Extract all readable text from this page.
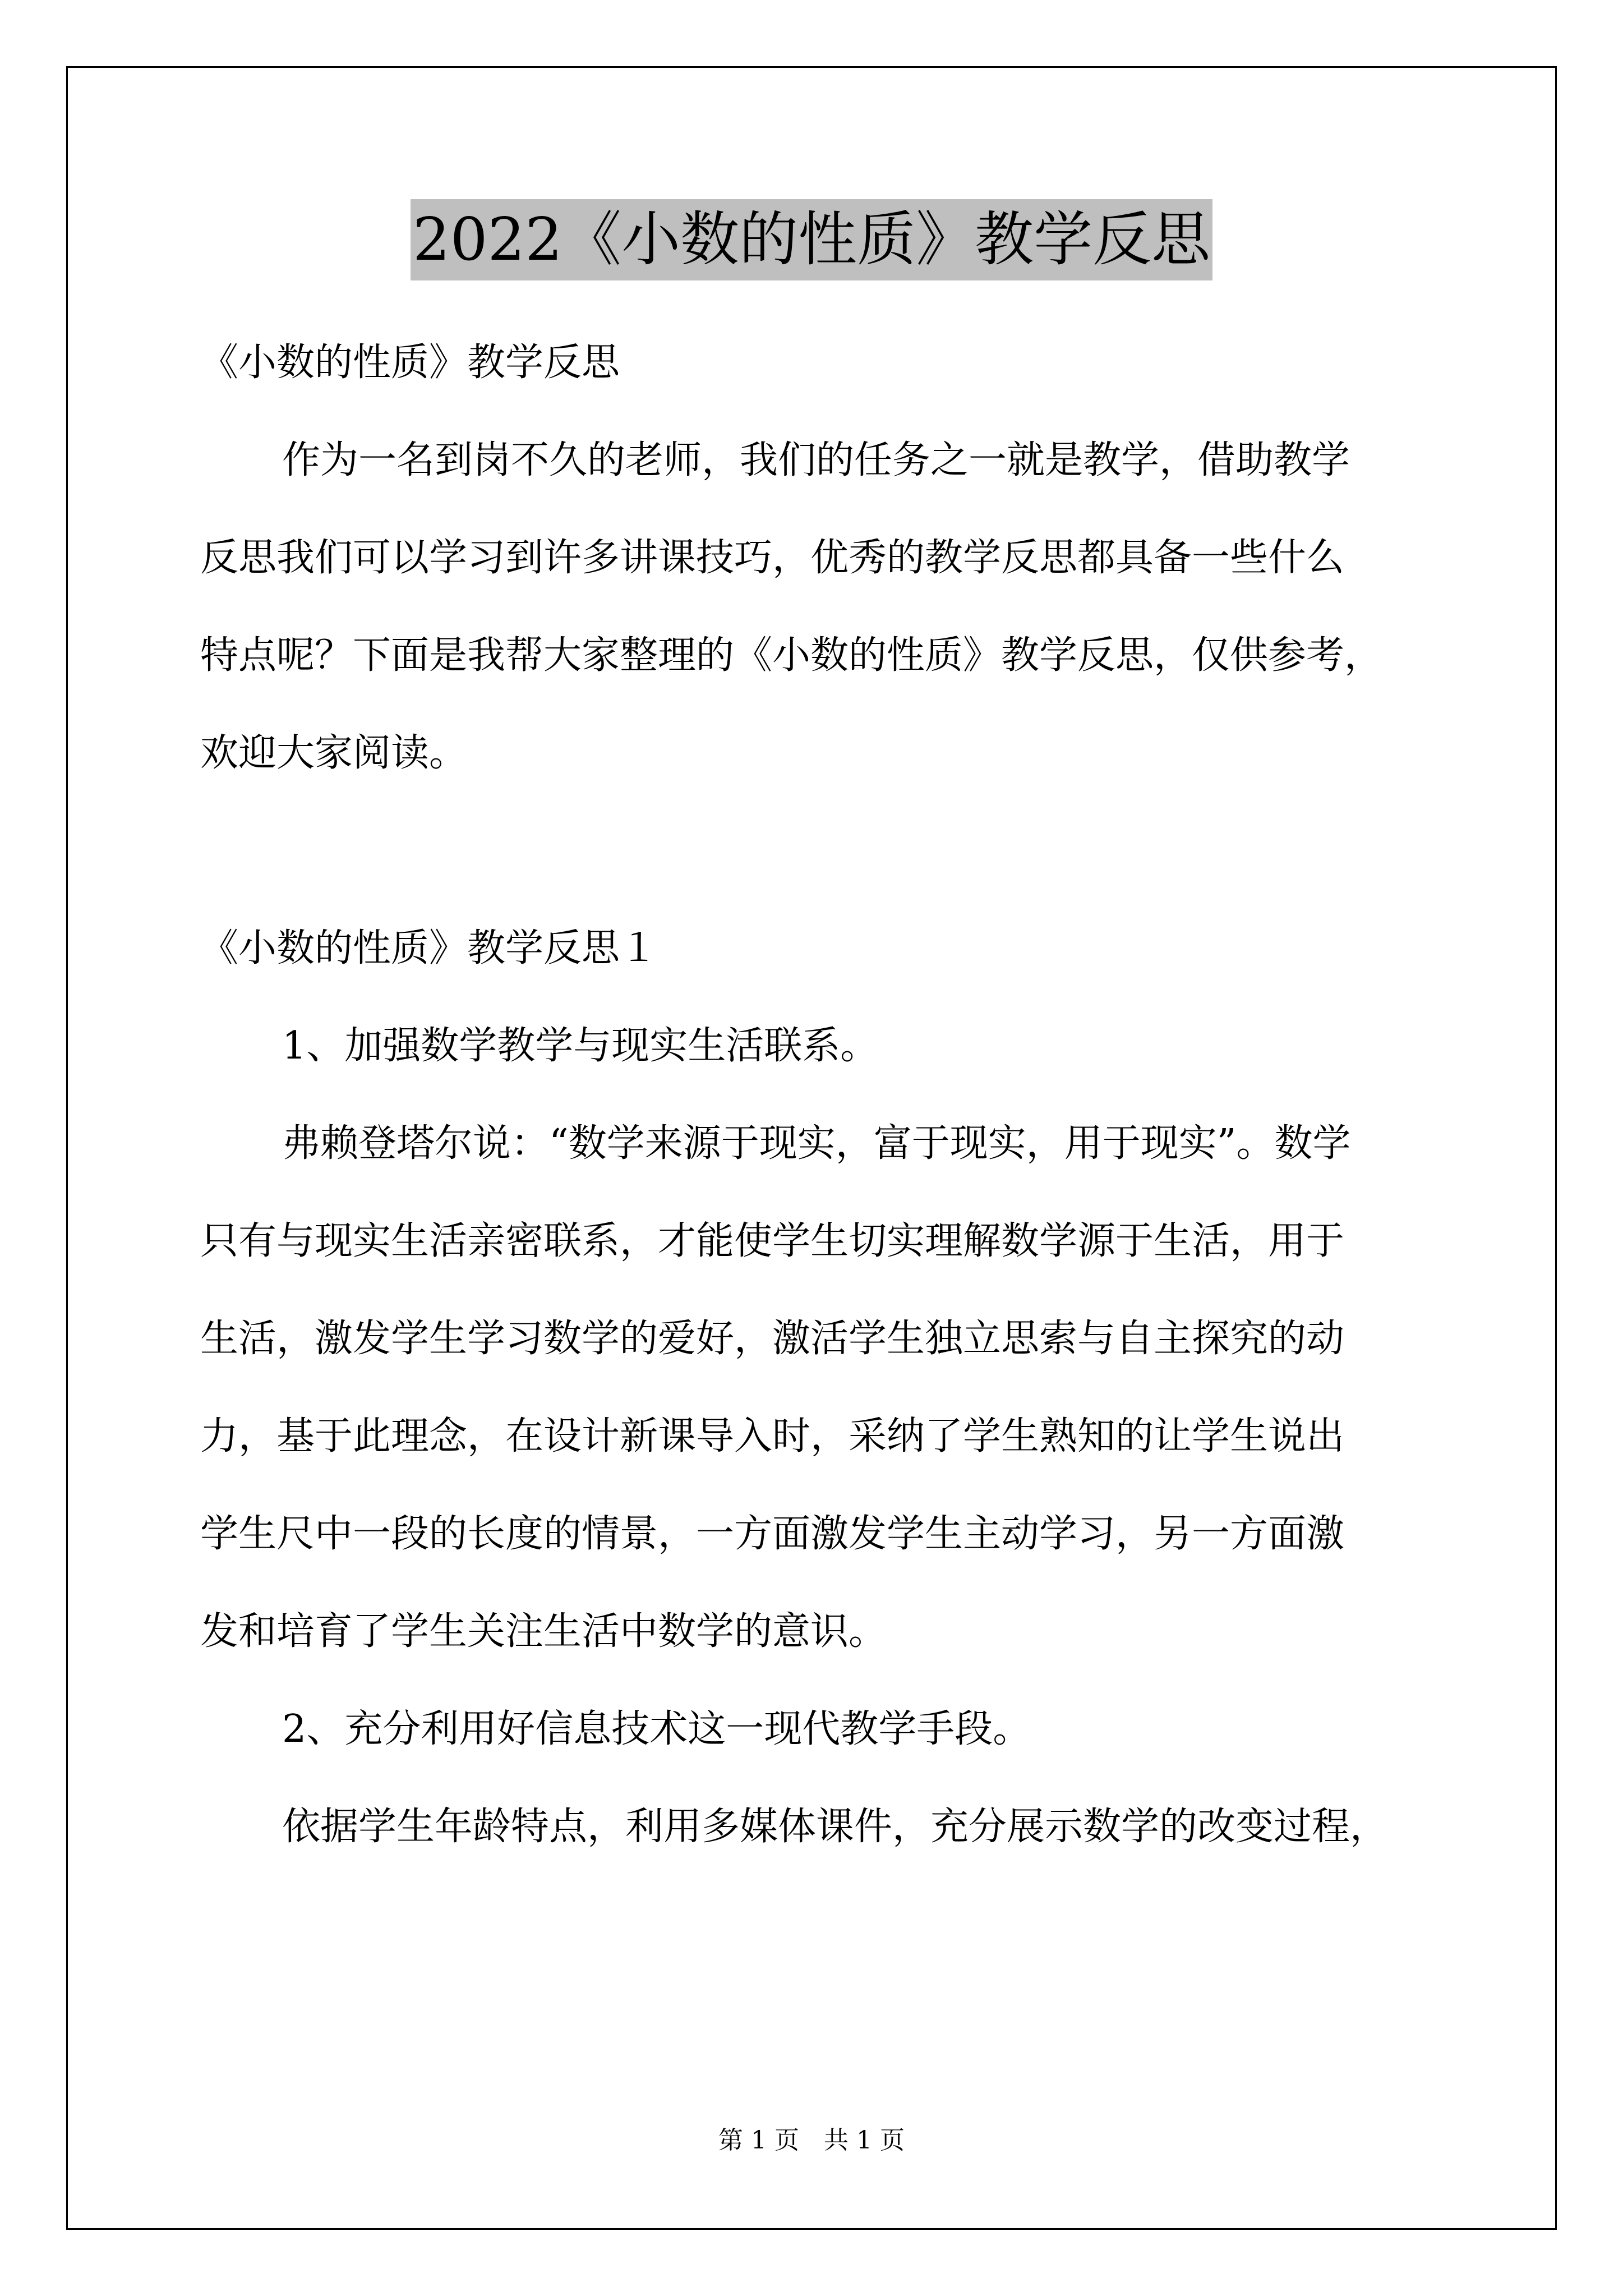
2022《小数的性质》教学反思

《小数的性质》教学反思

作为一名到岗不久的老师，我们的任务之一就是教学，借助教学

反思我们可以学习到许多讲课技巧，优秀的教学反思都具备一些什么

特点呢？下面是我帮大家整理的《小数的性质》教学反思，仅供参考，

欢迎大家阅读。

《小数的性质》教学反思１

1、加强数学教学与现实生活联系。

弗赖登塔尔说：“数学来源于现实，富于现实，用于现实”。数学

只有与现实生活亲密联系，才能使学生切实理解数学源于生活，用于

生活，激发学生学习数学的爱好，激活学生独立思索与自主探究的动

力，基于此理念，在设计新课导入时，采纳了学生熟知的让学生说出

学生尺中一段的长度的情景，一方面激发学生主动学习，另一方面激

发和培育了学生关注生活中数学的意识。

2、充分利用好信息技术这一现代教学手段。

依据学生年龄特点，利用多媒体课件，充分展示数学的改变过程，

第 1 页　共 1 页
